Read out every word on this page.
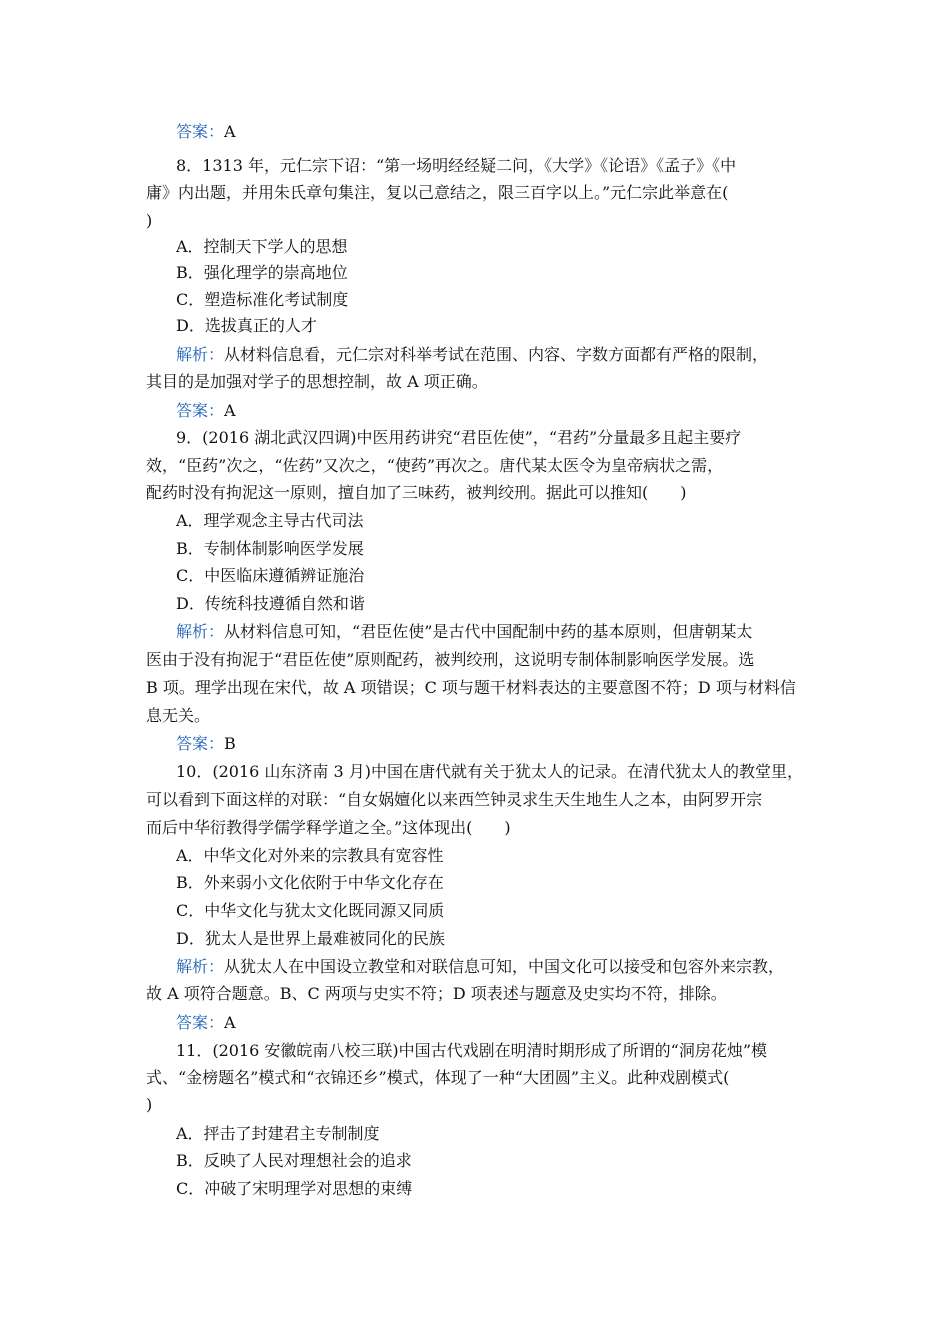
答案：A
8．1313 年，元仁宗下诏：“第一场明经经疑二问，《大学》《论语》《孟子》《中
庸》内出题，并用朱氏章句集注，复以己意结之，限三百字以上。”元仁宗此举意在(
)
A．控制天下学人的思想
B．强化理学的崇高地位
C．塑造标准化考试制度
D．选拔真正的人才
解析：从材料信息看，元仁宗对科举考试在范围、内容、字数方面都有严格的限制，
其目的是加强对学子的思想控制，故 A 项正确。
答案：A
9．(2016 湖北武汉四调)中医用药讲究“君臣佐使”，“君药”分量最多且起主要疗
效，“臣药”次之，“佐药”又次之，“使药”再次之。唐代某太医令为皇帝病状之需，
配药时没有拘泥这一原则，擅自加了三味药，被判绞刑。据此可以推知(　　)
A．理学观念主导古代司法
B．专制体制影响医学发展
C．中医临床遵循辨证施治
D．传统科技遵循自然和谐
解析：从材料信息可知，“君臣佐使”是古代中国配制中药的基本原则，但唐朝某太
医由于没有拘泥于“君臣佐使”原则配药，被判绞刑，这说明专制体制影响医学发展。选
B 项。理学出现在宋代，故 A 项错误；C 项与题干材料表达的主要意图不符；D 项与材料信
息无关。
答案：B
10．(2016 山东济南 3 月)中国在唐代就有关于犹太人的记录。在清代犹太人的教堂里，
可以看到下面这样的对联：“自女娲嬗化以来西竺钟灵求生天生地生人之本，由阿罗开宗
而后中华衍教得学儒学释学道之全。”这体现出(　　)
A．中华文化对外来的宗教具有宽容性
B．外来弱小文化依附于中华文化存在
C．中华文化与犹太文化既同源又同质
D．犹太人是世界上最难被同化的民族
解析：从犹太人在中国设立教堂和对联信息可知，中国文化可以接受和包容外来宗教，
故 A 项符合题意。B、C 两项与史实不符；D 项表述与题意及史实均不符，排除。
答案：A
11．(2016 安徽皖南八校三联)中国古代戏剧在明清时期形成了所谓的“洞房花烛”模
式、“金榜题名”模式和“衣锦还乡”模式，体现了一种“大团圆”主义。此种戏剧模式(
)
A．抨击了封建君主专制制度
B．反映了人民对理想社会的追求
C．冲破了宋明理学对思想的束缚
